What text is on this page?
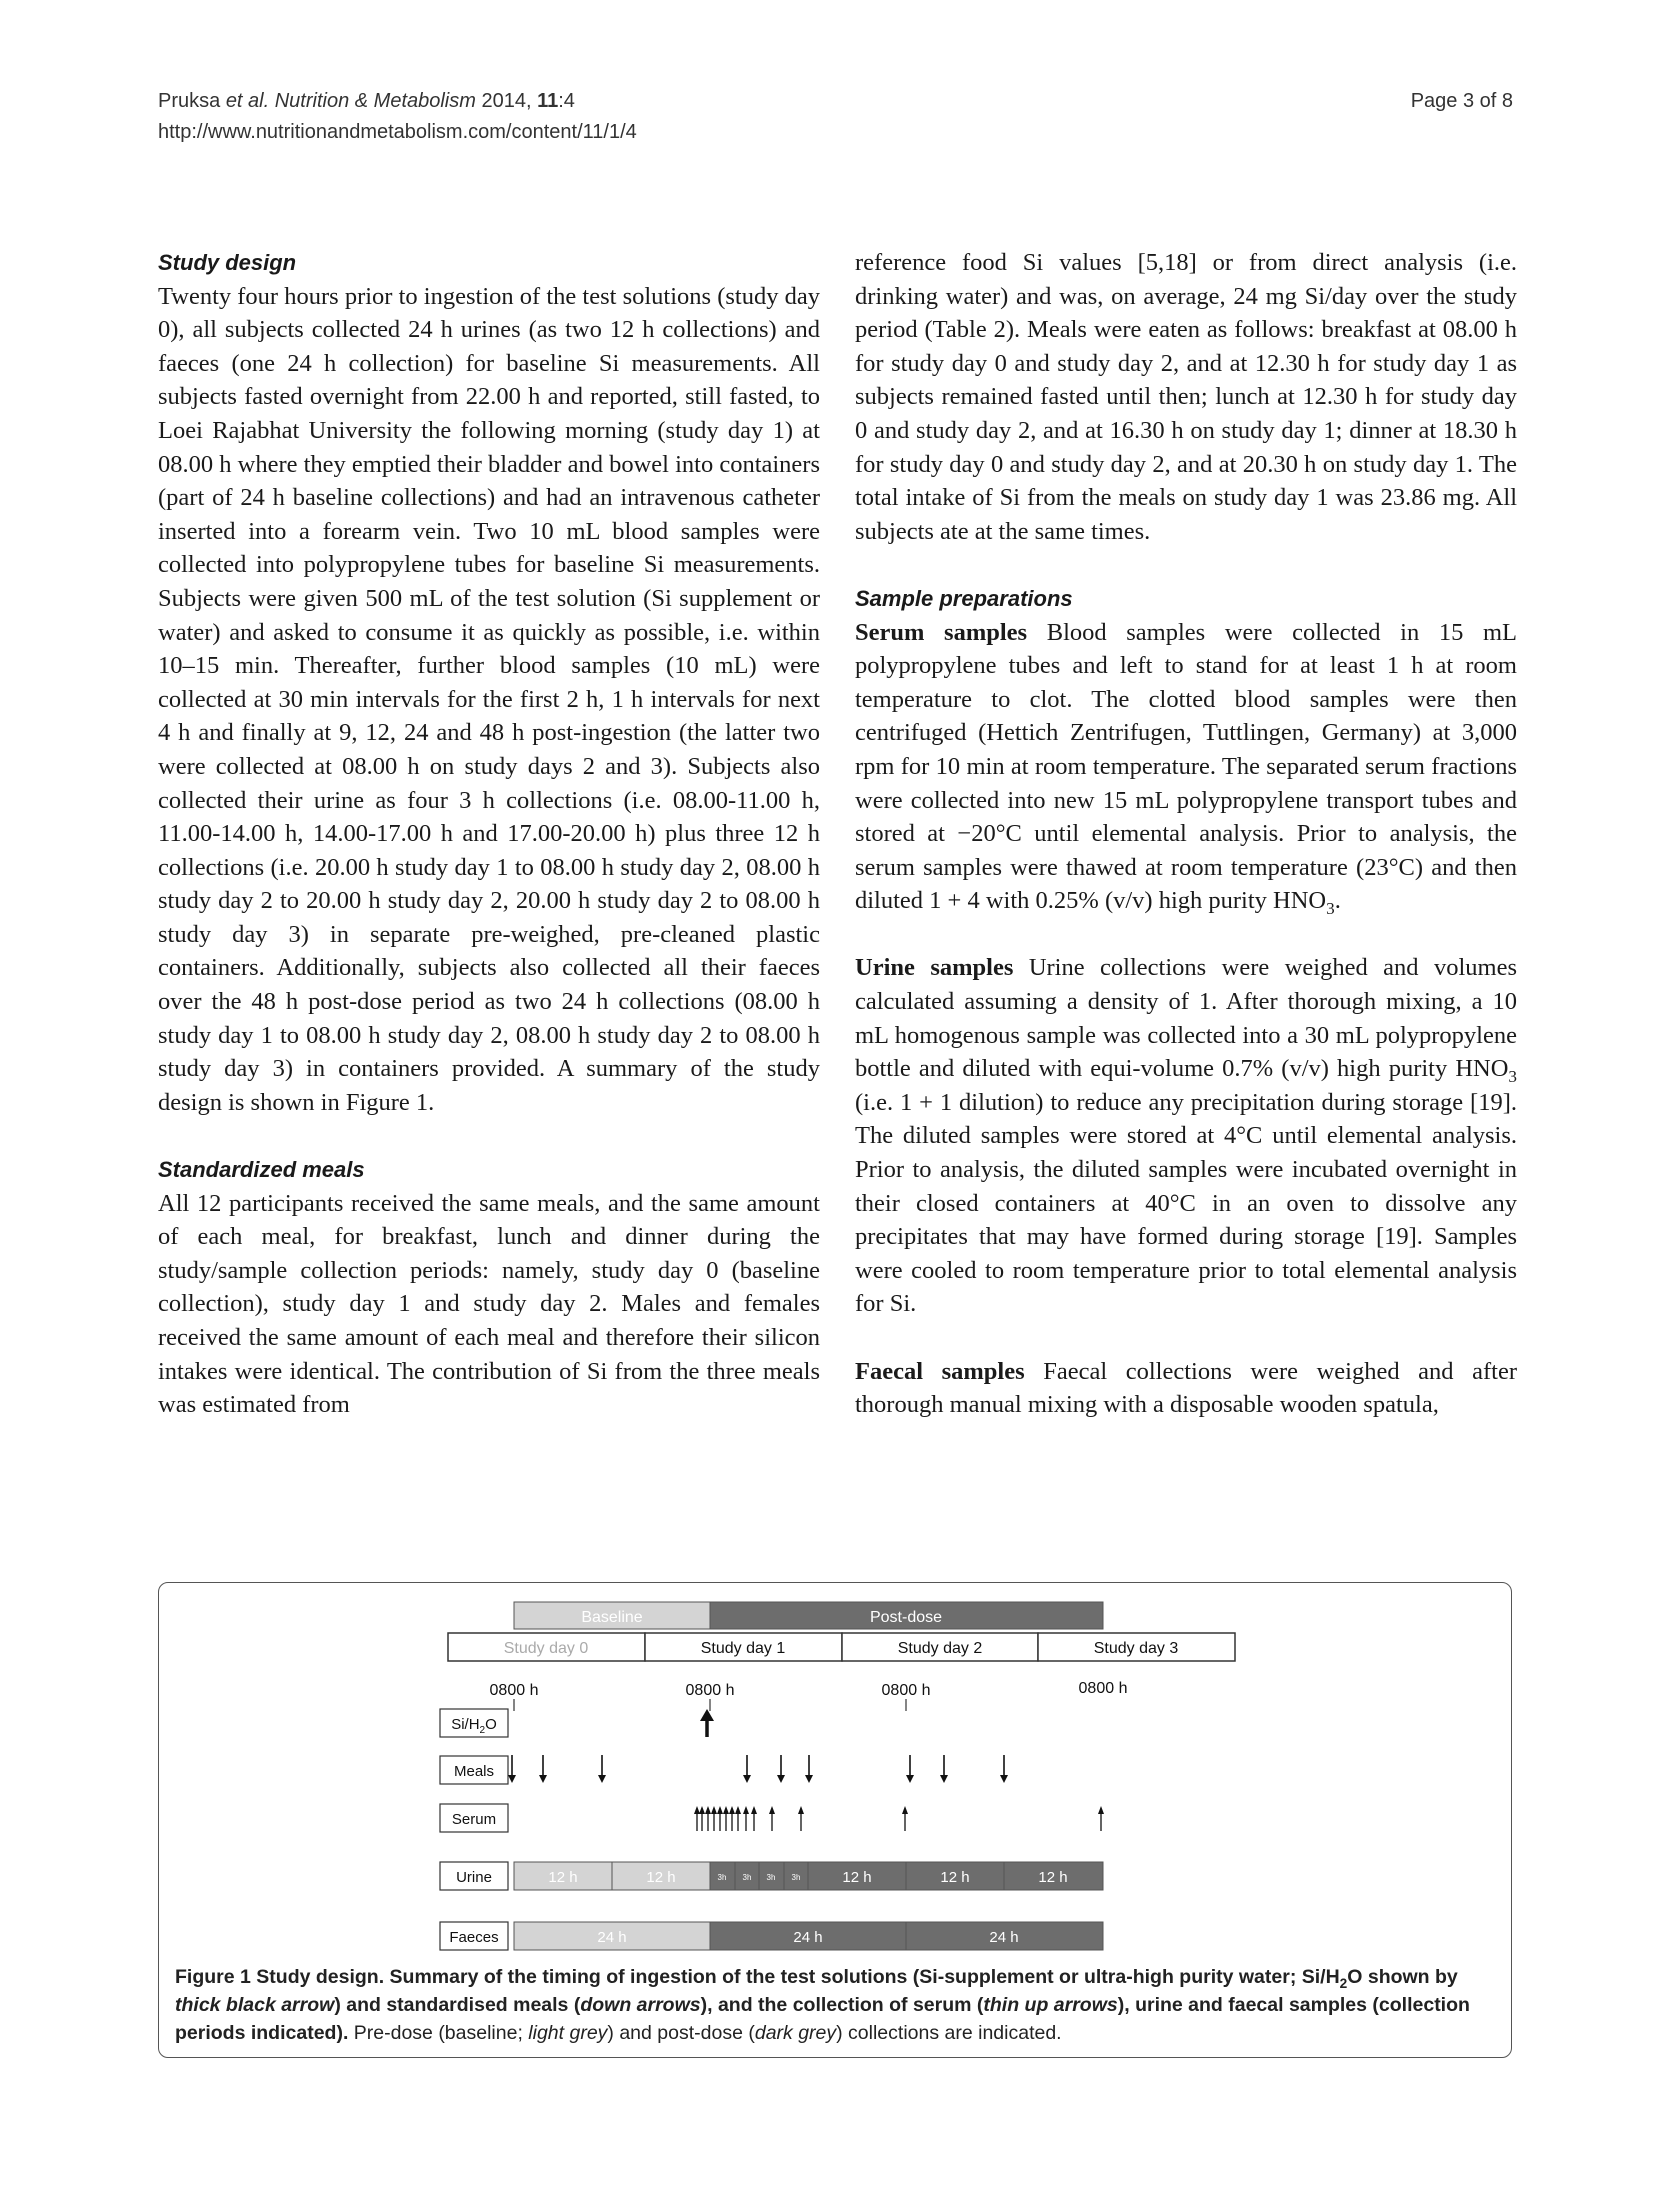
Pruksa et al. Nutrition & Metabolism 2014, 11:4
http://www.nutritionandmetabolism.com/content/11/1/4
Page 3 of 8

Study design

Twenty four hours prior to ingestion of the test solutions (study day 0), all subjects collected 24 h urines (as two 12 h collections) and faeces (one 24 h collection) for baseline Si measurements. All subjects fasted overnight from 22.00 h and reported, still fasted, to Loei Rajabhat University the following morning (study day 1) at 08.00 h where they emptied their bladder and bowel into containers (part of 24 h baseline collections) and had an intravenous catheter inserted into a forearm vein. Two 10 mL blood samples were collected into polypropylene tubes for baseline Si measurements. Subjects were given 500 mL of the test solution (Si supplement or water) and asked to consume it as quickly as possible, i.e. within 10–15 min. Thereafter, further blood samples (10 mL) were collected at 30 min intervals for the first 2 h, 1 h intervals for next 4 h and finally at 9, 12, 24 and 48 h post-ingestion (the latter two were collected at 08.00 h on study days 2 and 3). Subjects also collected their urine as four 3 h collections (i.e. 08.00-11.00 h, 11.00-14.00 h, 14.00-17.00 h and 17.00-20.00 h) plus three 12 h collections (i.e. 20.00 h study day 1 to 08.00 h study day 2, 08.00 h study day 2 to 20.00 h study day 2, 20.00 h study day 2 to 08.00 h study day 3) in separate pre-weighed, pre-cleaned plastic containers. Additionally, subjects also collected all their faeces over the 48 h post-dose period as two 24 h collections (08.00 h study day 1 to 08.00 h study day 2, 08.00 h study day 2 to 08.00 h study day 3) in containers provided. A summary of the study design is shown in Figure 1.

Standardized meals

All 12 participants received the same meals, and the same amount of each meal, for breakfast, lunch and dinner during the study/sample collection periods: namely, study day 0 (baseline collection), study day 1 and study day 2. Males and females received the same amount of each meal and therefore their silicon intakes were identical. The contribution of Si from the three meals was estimated from

reference food Si values [5,18] or from direct analysis (i.e. drinking water) and was, on average, 24 mg Si/day over the study period (Table 2). Meals were eaten as follows: breakfast at 08.00 h for study day 0 and study day 2, and at 12.30 h for study day 1 as subjects remained fasted until then; lunch at 12.30 h for study day 0 and study day 2, and at 16.30 h on study day 1; dinner at 18.30 h for study day 0 and study day 2, and at 20.30 h on study day 1. The total intake of Si from the meals on study day 1 was 23.86 mg. All subjects ate at the same times.

Sample preparations

Serum samples Blood samples were collected in 15 mL polypropylene tubes and left to stand for at least 1 h at room temperature to clot. The clotted blood samples were then centrifuged (Hettich Zentrifugen, Tuttlingen, Germany) at 3,000 rpm for 10 min at room temperature. The separated serum fractions were collected into new 15 mL polypropylene transport tubes and stored at −20°C until elemental analysis. Prior to analysis, the serum samples were thawed at room temperature (23°C) and then diluted 1 + 4 with 0.25% (v/v) high purity $HNO_3$.

Urine samples Urine collections were weighed and volumes calculated assuming a density of 1. After thorough mixing, a 10 mL homogenous sample was collected into a 30 mL polypropylene bottle and diluted with equi-volume 0.7% (v/v) high purity $HNO_3$ (i.e. 1 + 1 dilution) to reduce any precipitation during storage [19]. The diluted samples were stored at 4°C until elemental analysis. Prior to analysis, the diluted samples were incubated overnight in their closed containers at 40°C in an oven to dissolve any precipitates that may have formed during storage [19]. Samples were cooled to room temperature prior to total elemental analysis for Si.

Faecal samples Faecal collections were weighed and after thorough manual mixing with a disposable wooden spatula,

Baseline	Post-dose
Study day 0	Study day 1	Study day 2	Study day 3
0800 h	0800 h	0800 h	0800 h
$Si/H_2O$
Meals
Serum
Urine
Faeces
12 h	12 h	3h 3h 3h 3h	12 h	12 h	12 h
24 h	24 h	24 h
Figure 1 Study design. Summary of the timing of ingestion of the test solutions (Si-supplement or ultra-high purity water; $Si/H_2O$ shown by thick black arrow) and standardised meals (down arrows), and the collection of serum (thin up arrows), urine and faecal samples (collection periods indicated). Pre-dose (baseline; light grey) and post-dose (dark grey) collections are indicated.
